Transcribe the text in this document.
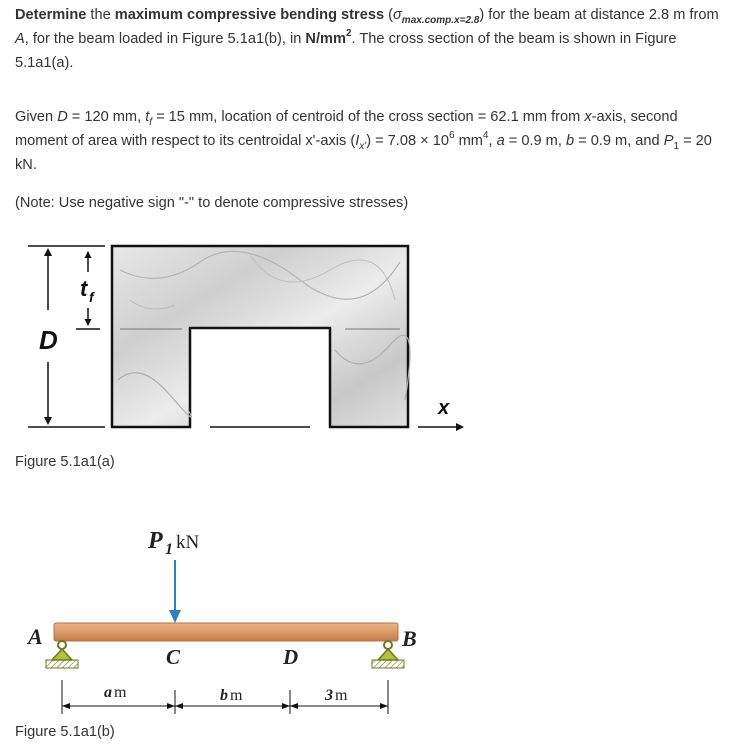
Determine the maximum compressive bending stress $(\sigma_{max.comp.x=2.8})$ for the beam at distance 2.8 m from A, for the beam loaded in Figure 5.1a1(b), in $N/mm^2$. The cross section of the beam is shown in Figure 5.1a1(a).

Given D = 120 mm, $t_f = 15$ mm, location of centroid of the cross section = 62.1 mm from x-axis, second moment of area with respect to its centroidal x'-axis $(I_{x'}) = 7.08 \times 10^6$ $mm^4$, a = 0.9 m, b = 0.9 m, and $P_1 = 20$ kN.

(Note: Use negative sign "-" to denote compressive stresses)

D
t f
x
P 1 kN
A	B
C	D
a m	b m	3 m

Figure 5.1a1(a)

Figure 5.1a1(b)
